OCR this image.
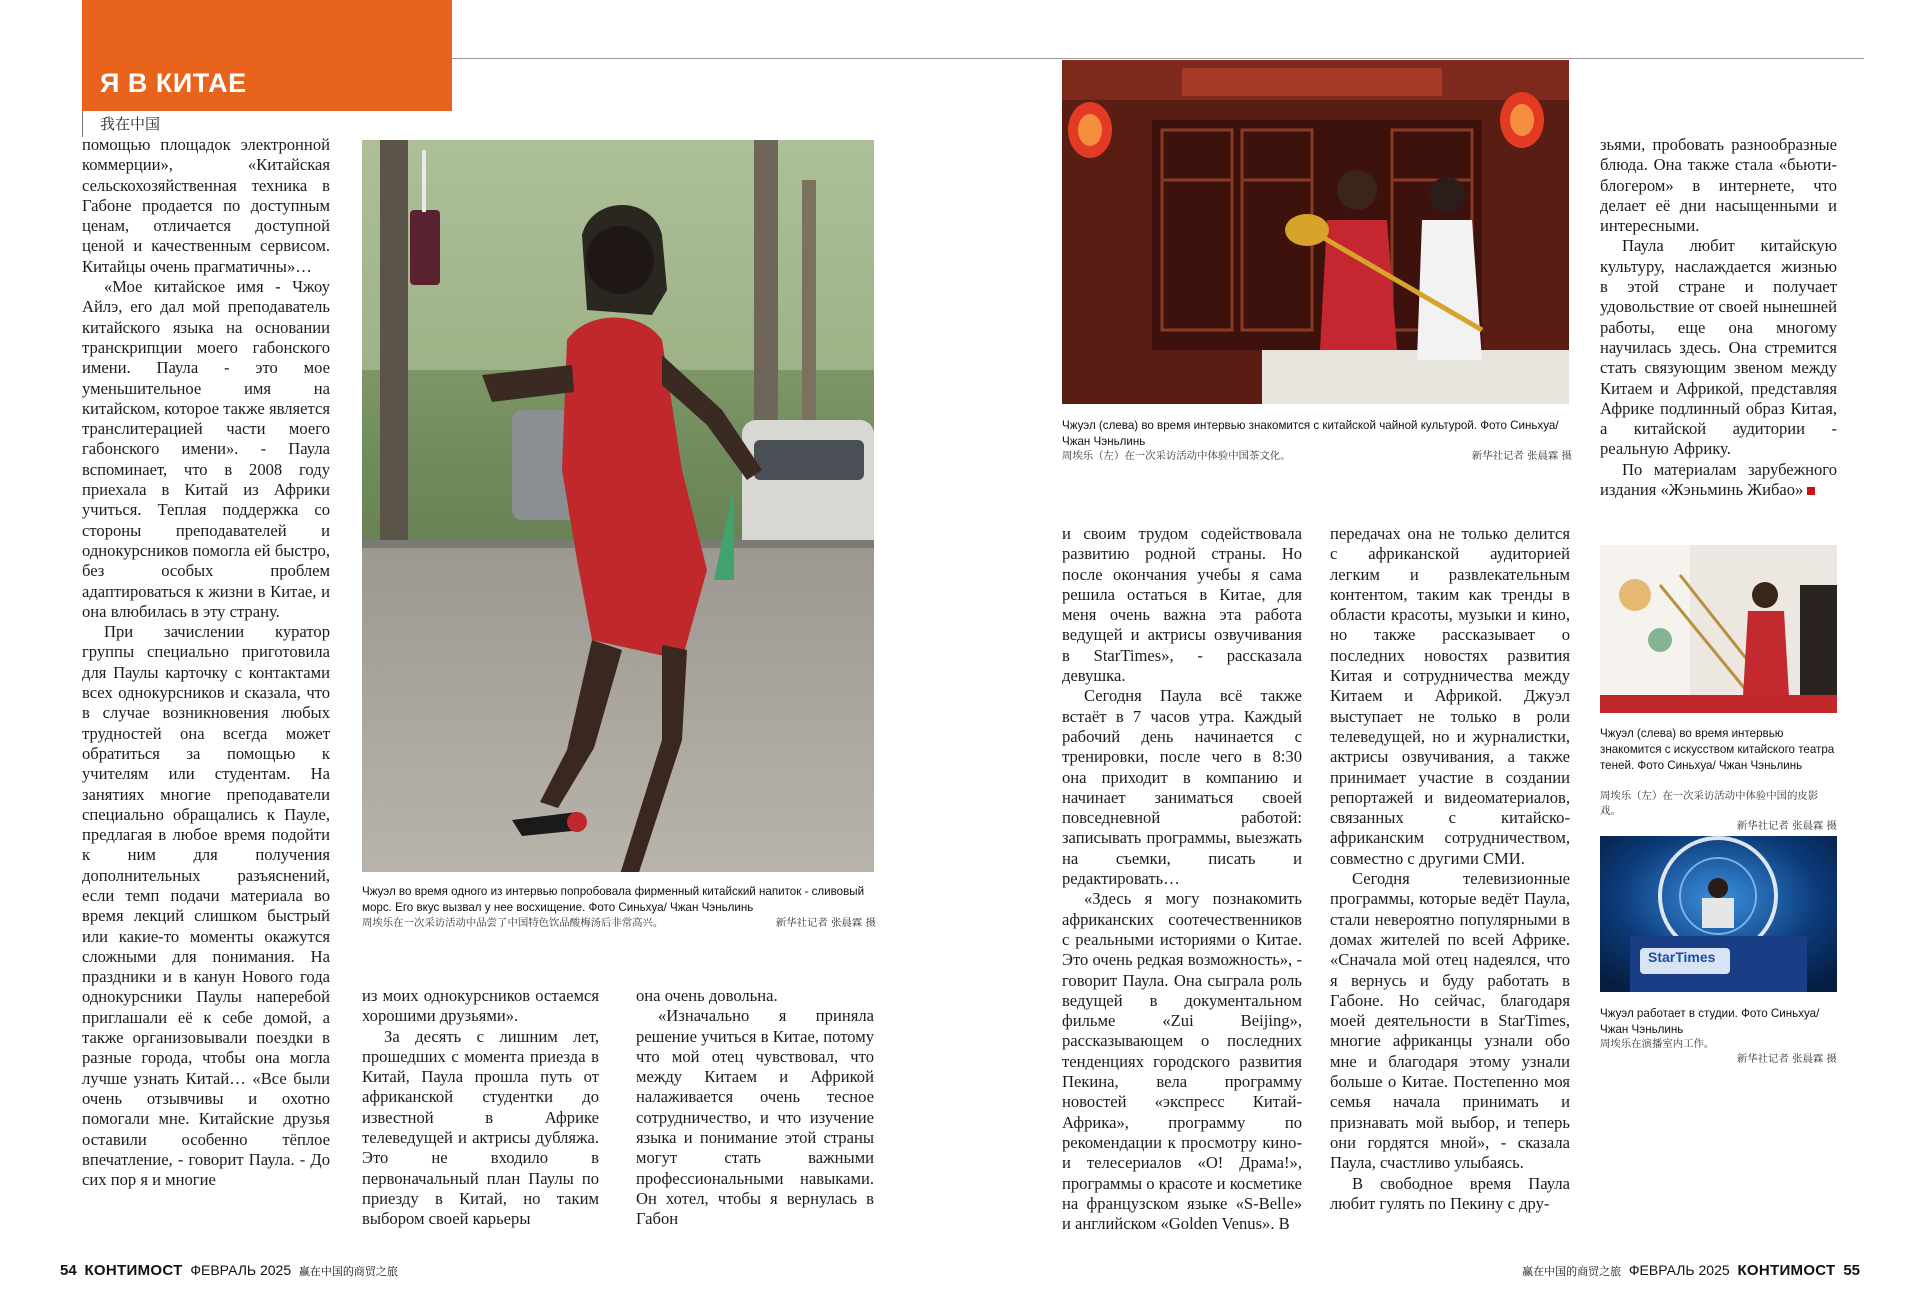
Я В КИТАЕ
我在中国

помощью площадок электронной коммерции», «Китайская сельскохозяйственная техника в Габоне продается по доступным ценам, отличается доступной ценой и качественным сервисом. Китайцы очень прагматичны»…

«Мое китайское имя - Чжоу Айлэ, его дал мой преподаватель китайского языка на основании транскрипции моего габонского имени. Паула - это мое уменьшительное имя на китайском, которое также является транслитерацией части моего габонского имени». - Паула вспоминает, что в 2008 году приехала в Китай из Африки учиться. Теплая поддержка со стороны преподавателей и однокурсников помогла ей быстро, без особых проблем адаптироваться к жизни в Китае, и она влюбилась в эту страну.

При зачислении куратор группы специально приготовила для Паулы карточку с контактами всех однокурсников и сказала, что в случае возникновения любых трудностей она всегда может обратиться за помощью к учителям или студентам. На занятиях многие преподаватели специально обращались к Пауле, предлагая в любое время подойти к ним для получения дополнительных разъяснений, если темп подачи материала во время лекций слишком быстрый или какие-то моменты окажутся сложными для понимания. На праздники и в канун Нового года однокурсники Паулы наперебой приглашали её к себе домой, а также организовывали поездки в разные города, чтобы она могла лучше узнать Китай… «Все были очень отзывчивы и охотно помогали мне. Китайские друзья оставили особенно тёплое впечатление, - говорит Паула. - До сих пор я и многие

Чжуэл во время одного из интервью попробовала фирменный китайский напиток - сливовый морс. Его вкус вызвал у нее восхищение. Фото Синьхуа/ Чжан Чэньлинь
周埃乐在一次采访活动中品尝了中国特色饮品酸梅汤后非常高兴。	新华社记者 张晨霖 摄

из моих однокурсников остаемся хорошими друзьями».

За десять с лишним лет, прошедших с момента приезда в Китай, Паула прошла путь от африканской студентки до известной в Африке телеведущей и актрисы дубляжа. Это не входило в первоначальный план Паулы по приезду в Китай, но таким выбором своей карьеры

она очень довольна.

«Изначально я приняла решение учиться в Китае, потому что мой отец чувствовал, что между Китаем и Африкой налаживается очень тесное сотрудничество, и что изучение языка и понимание этой страны могут стать важными профессиональными навыками. Он хотел, чтобы я вернулась в Габон

Чжуэл (слева) во время интервью знакомится с китайской чайной культурой. Фото Синьхуа/ Чжан Чэньлинь
周埃乐（左）在一次采访活动中体验中国茶文化。	新华社记者 张晨霖 摄

и своим трудом содействовала развитию родной страны. Но после окончания учебы я сама решила остаться в Китае, для меня очень важна эта работа ведущей и актрисы озвучивания в StarTimes», - рассказала девушка.

Сегодня Паула всё также встаёт в 7 часов утра. Каждый рабочий день начинается с тренировки, после чего в 8:30 она приходит в компанию и начинает заниматься своей повседневной работой: записывать программы, выезжать на съемки, писать и редактировать…

«Здесь я могу познакомить африканских соотечественников с реальными историями о Китае. Это очень редкая возможность», - говорит Паула. Она сыграла роль ведущей в документальном фильме «Zui Beijing», рассказывающем о последних тенденциях городского развития Пекина, вела программу новостей «экспресс Китай-Африка», программу по рекомендации к просмотру кино- и телесериалов «О! Драма!», программы о красоте и косметике на французском языке «S-Belle» и английском «Golden Venus». В

передачах она не только делится с африканской аудиторией легким и развлекательным контентом, таким как тренды в области красоты, музыки и кино, но также рассказывает о последних новостях развития Китая и сотрудничества между Китаем и Африкой. Джуэл выступает не только в роли телеведущей, но и журналистки, актрисы озвучивания, а также принимает участие в создании репортажей и видеоматериалов, связанных с китайско-африканским сотрудничеством, совместно с другими СМИ.

Сегодня телевизионные программы, которые ведёт Паула, стали невероятно популярными в домах жителей по всей Африке. «Сначала мой отец надеялся, что я вернусь и буду работать в Габоне. Но сейчас, благодаря моей деятельности в StarTimes, многие африканцы узнали обо мне и благодаря этому узнали больше о Китае. Постепенно моя семья начала принимать и признавать мой выбор, и теперь они гордятся мной», - сказала Паула, счастливо улыбаясь.

В свободное время Паула любит гулять по Пекину с дру-

зьями, пробовать разнообразные блюда. Она также стала «бьюти-блогером» в интернете, что делает её дни насыщенными и интересными.

Паула любит китайскую культуру, наслаждается жизнью в этой стране и получает удовольствие от своей нынешней работы, еще она многому научилась здесь. Она стремится стать связующим звеном между Китаем и Африкой, представляя Африке подлинный образ Китая, а китайской аудитории - реальную Африку.

По материалам зарубежного издания «Жэньминь Жибао»

Чжуэл (слева) во время интервью знакомится с искусством китайского театра теней. Фото Синьхуа/ Чжан Чэньлинь
周埃乐（左）在一次采访活动中体验中国的皮影戏。
新华社记者 张晨霖 摄
StarTimes
Чжуэл работает в студии. Фото Синьхуа/ Чжан Чэньлинь
周埃乐在演播室内工作。
新华社记者 张晨霖 摄
54 КОНТИМОСТ ФЕВРАЛЬ 2025 赢在中国的商贸之旅	赢在中国的商贸之旅 ФЕВРАЛЬ 2025 КОНТИМОСТ 55
